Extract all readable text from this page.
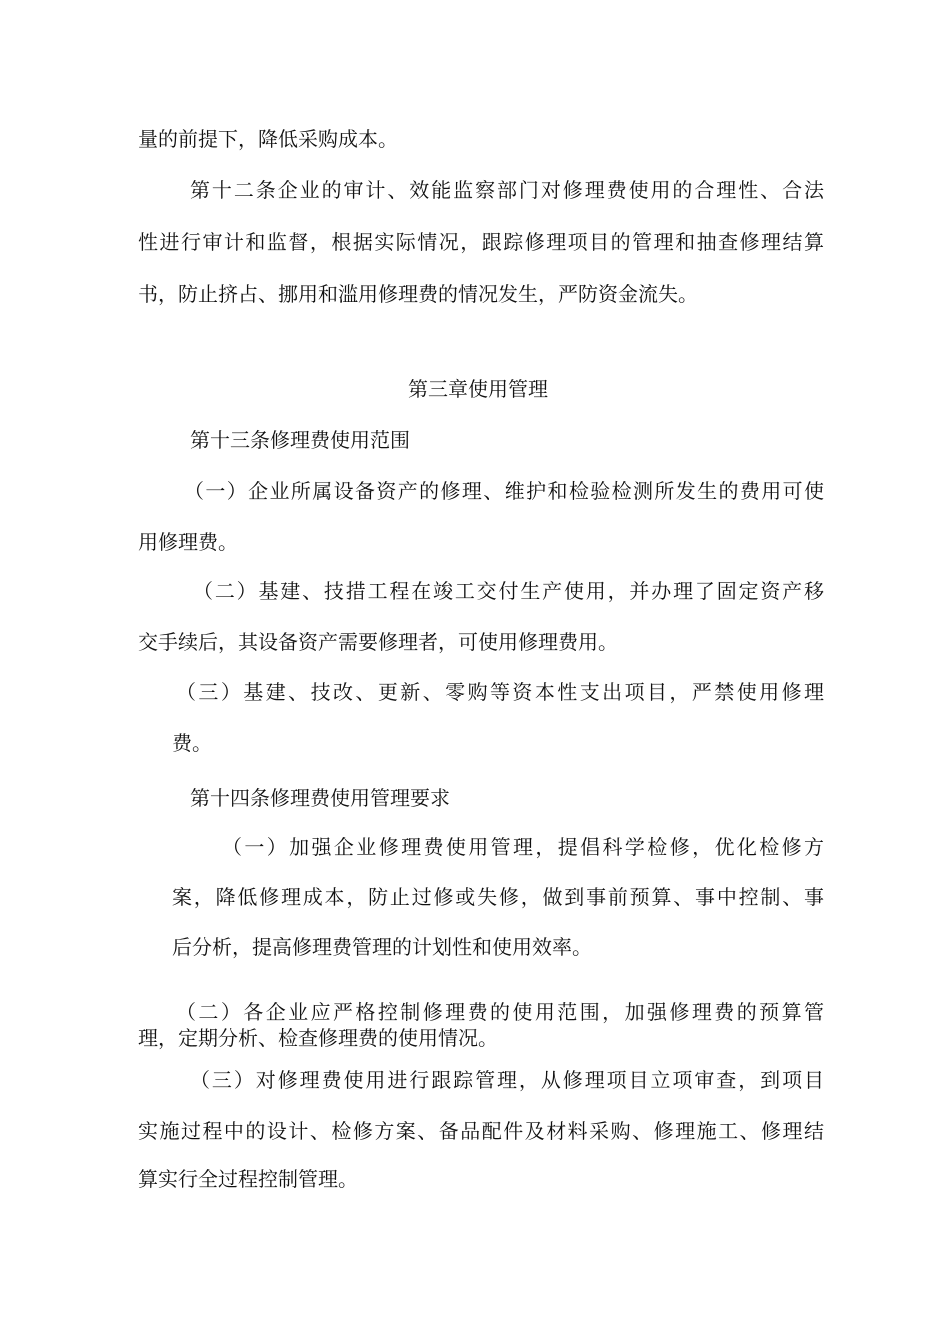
量的前提下，降低采购成本。

第十二条企业的审计、效能监察部门对修理费使用的合理性、合法

性进行审计和监督，根据实际情况，跟踪修理项目的管理和抽查修理结算

书，防止挤占、挪用和滥用修理费的情况发生，严防资金流失。

第三章使用管理

第十三条修理费使用范围

（一）企业所属设备资产的修理、维护和检验检测所发生的费用可使

用修理费。

（二）基建、技措工程在竣工交付生产使用，并办理了固定资产移

交手续后，其设备资产需要修理者，可使用修理费用。

（三）基建、技改、更新、零购等资本性支出项目，严禁使用修理

费。

第十四条修理费使用管理要求

（一）加强企业修理费使用管理，提倡科学检修，优化检修方

案，降低修理成本，防止过修或失修，做到事前预算、事中控制、事

后分析，提高修理费管理的计划性和使用效率。

（二）各企业应严格控制修理费的使用范围，加强修理费的预算管

理，定期分析、检查修理费的使用情况。

（三）对修理费使用进行跟踪管理，从修理项目立项审查，到项目

实施过程中的设计、检修方案、备品配件及材料采购、修理施工、修理结

算实行全过程控制管理。
